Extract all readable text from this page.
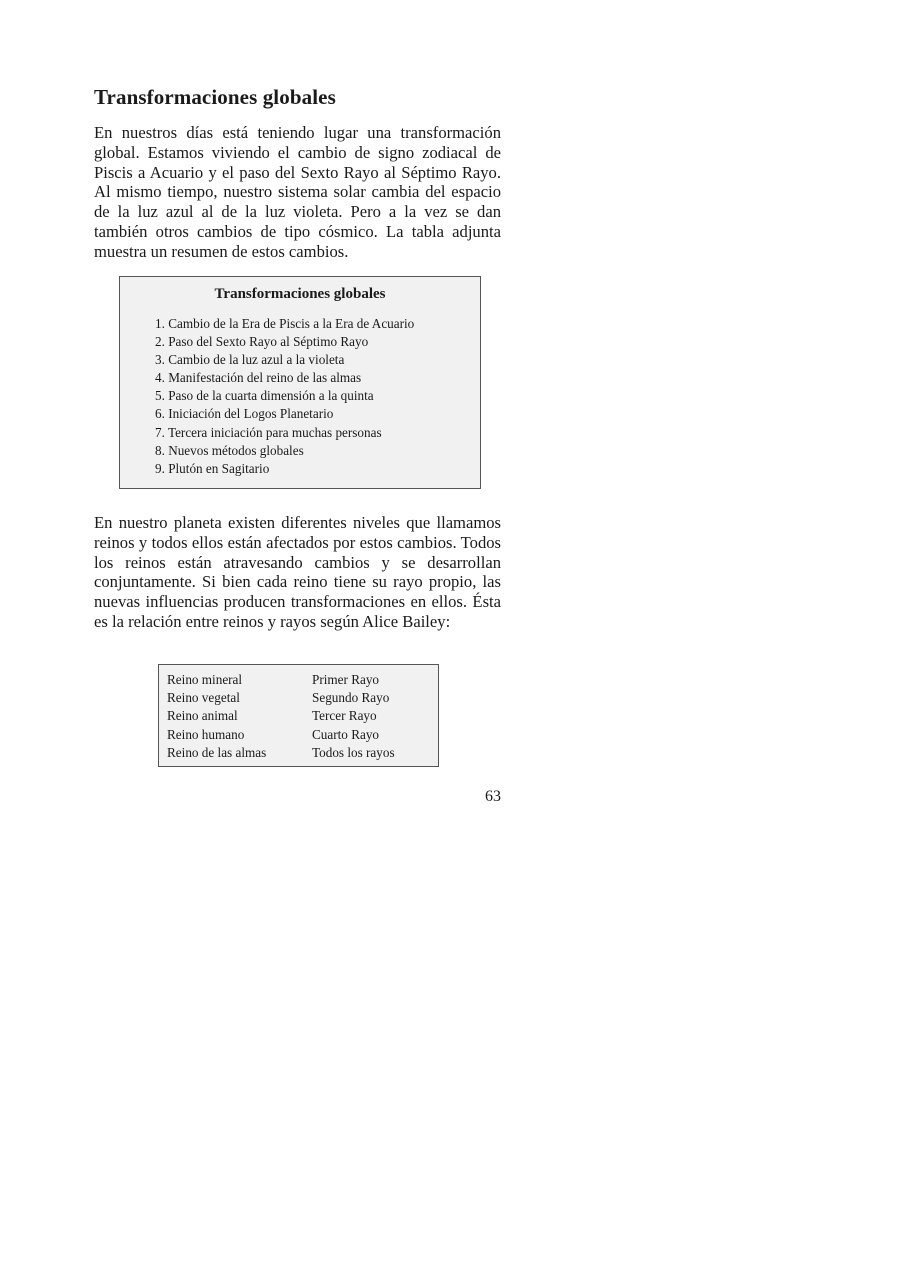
Transformaciones globales

En nuestros días está teniendo lugar una transformación global. Estamos viviendo el cambio de signo zodiacal de Piscis a Acuario y el paso del Sexto Rayo al Séptimo Rayo. Al mismo tiempo, nuestro sistema solar cambia del espacio de la luz azul al de la luz violeta. Pero a la vez se dan también otros cambios de tipo cósmico. La tabla adjunta muestra un resumen de estos cambios.

Transformaciones globales

1. Cambio de la Era de Piscis a la Era de Acuario
2. Paso del Sexto Rayo al Séptimo Rayo
3. Cambio de la luz azul a la violeta
4. Manifestación del reino de las almas
5. Paso de la cuarta dimensión a la quinta
6. Iniciación del Logos Planetario
7. Tercera iniciación para muchas personas
8. Nuevos métodos globales
9. Plutón en Sagitario

En nuestro planeta existen diferentes niveles que llamamos reinos y todos ellos están afectados por estos cambios. Todos los reinos están atravesando cambios y se desarrollan conjuntamente. Si bien cada reino tiene su rayo propio, las nuevas influencias producen transformaciones en ellos. Ésta es la relación entre reinos y rayos según Alice Bailey:

Reino mineral	Primer Rayo
Reino vegetal	Segundo Rayo
Reino animal	Tercer Rayo
Reino humano	Cuarto Rayo
Reino de las almas	Todos los rayos

63
